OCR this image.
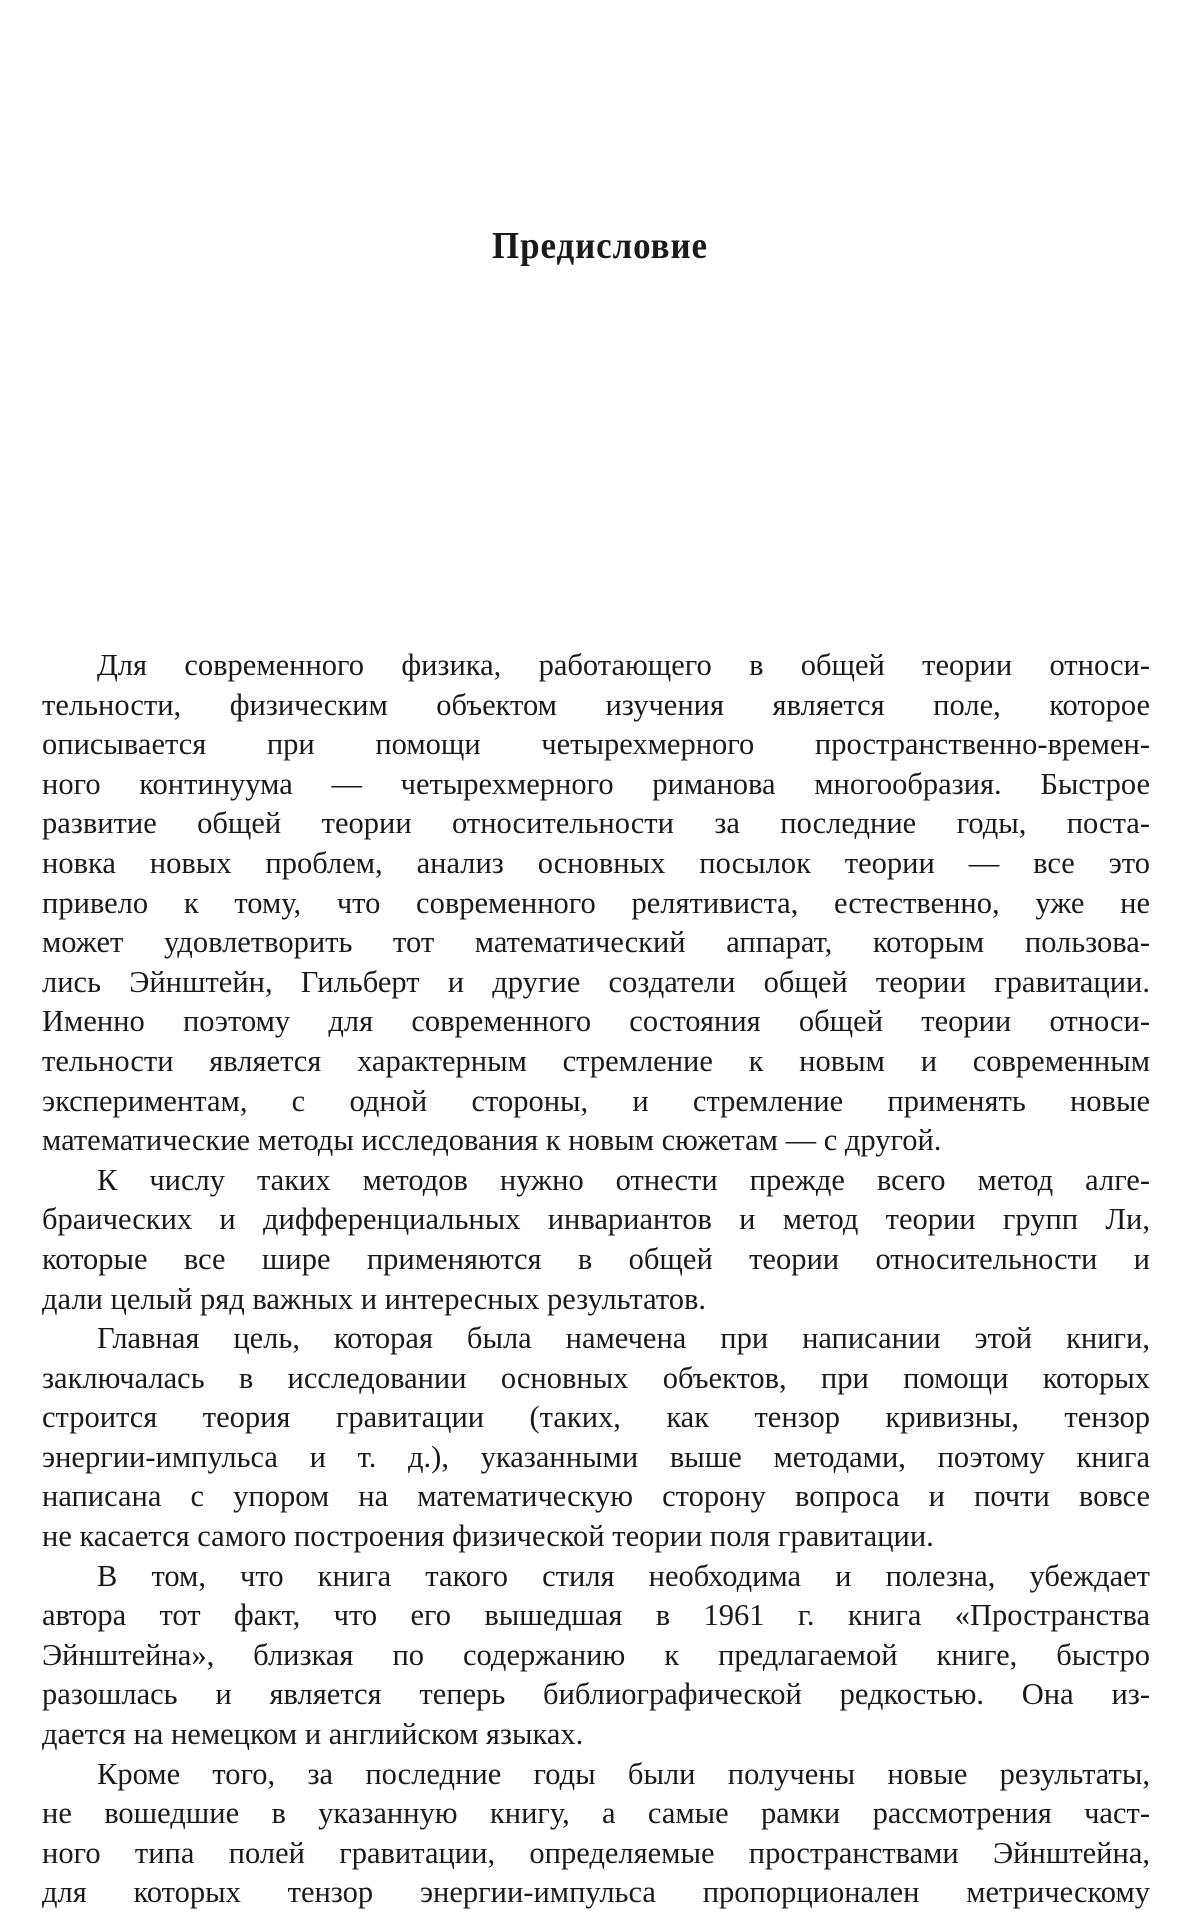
Предисловие
Для современного физика, работающего в общей теории относи-
тельности, физическим объектом изучения является поле, которое
описывается при помощи четырехмерного пространственно-времен-
ного континуума — четырехмерного риманова многообразия. Быстрое
развитие общей теории относительности за последние годы, поста-
новка новых проблем, анализ основных посылок теории — все это
привело к тому, что современного релятивиста, естественно, уже не
может удовлетворить тот математический аппарат, которым пользова-
лись Эйнштейн, Гильберт и другие создатели общей теории гравитации.
Именно поэтому для современного состояния общей теории относи-
тельности является характерным стремление к новым и современным
экспериментам, с одной стороны, и стремление применять новые
математические методы исследования к новым сюжетам — с другой.
К числу таких методов нужно отнести прежде всего метод алге-
браических и дифференциальных инвариантов и метод теории групп Ли,
которые все шире применяются в общей теории относительности и
дали целый ряд важных и интересных результатов.
Главная цель, которая была намечена при написании этой книги,
заключалась в исследовании основных объектов, при помощи которых
строится теория гравитации (таких, как тензор кривизны, тензор
энергии-импульса и т. д.), указанными выше методами, поэтому книга
написана с упором на математическую сторону вопроса и почти вовсе
не касается самого построения физической теории поля гравитации.
В том, что книга такого стиля необходима и полезна, убеждает
автора тот факт, что его вышедшая в 1961 г. книга «Пространства
Эйнштейна», близкая по содержанию к предлагаемой книге, быстро
разошлась и является теперь библиографической редкостью. Она из-
дается на немецком и английском языках.
Кроме того, за последние годы были получены новые результаты,
не вошедшие в указанную книгу, а самые рамки рассмотрения част-
ного типа полей гравитации, определяемые пространствами Эйнштейна,
для которых тензор энергии-импульса пропорционален метрическому
